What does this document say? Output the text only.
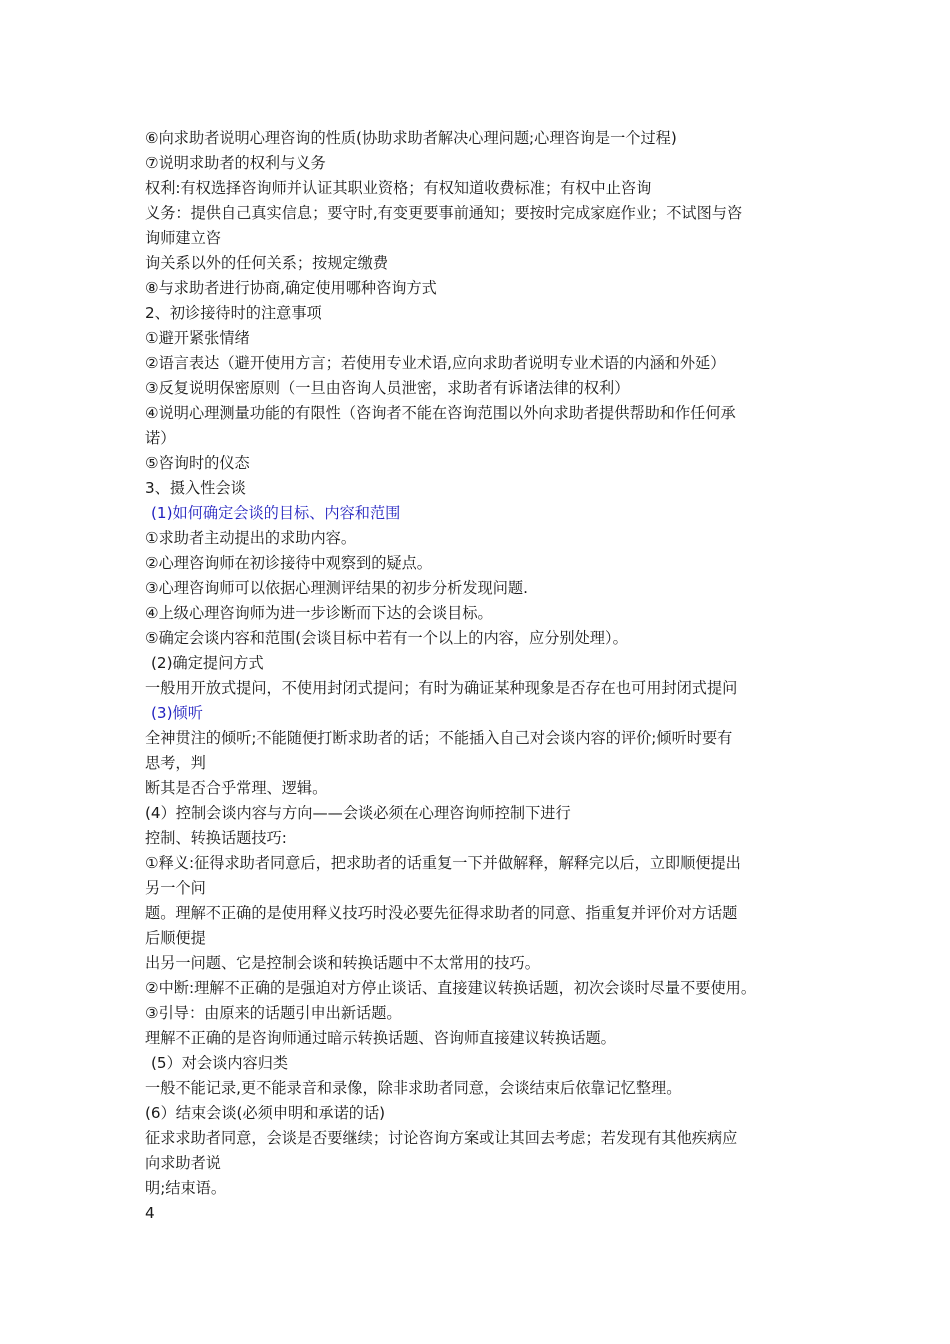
⑥向求助者说明心理咨询的性质(协助求助者解决心理问题;心理咨询是一个过程)
⑦说明求助者的权利与义务
权利:有权选择咨询师并认证其职业资格；有权知道收费标准；有权中止咨询
义务：提供自己真实信息；要守时,有变更要事前通知；要按时完成家庭作业；不试图与咨
询师建立咨
询关系以外的任何关系；按规定缴费
⑧与求助者进行协商,确定使用哪种咨询方式
2、初诊接待时的注意事项
①避开紧张情绪
②语言表达（避开使用方言；若使用专业术语,应向求助者说明专业术语的内涵和外延）
③反复说明保密原则（一旦由咨询人员泄密，求助者有诉诸法律的权利）
④说明心理测量功能的有限性（咨询者不能在咨询范围以外向求助者提供帮助和作任何承
诺）
⑤咨询时的仪态
3、摄入性会谈
(1)如何确定会谈的目标、内容和范围
①求助者主动提出的求助内容。
②心理咨询师在初诊接待中观察到的疑点。
③心理咨询师可以依据心理测评结果的初步分析发现问题.
④上级心理咨询师为进一步诊断而下达的会谈目标。
⑤确定会谈内容和范围(会谈目标中若有一个以上的内容，应分别处理）。
(2)确定提问方式
一般用开放式提问，不使用封闭式提问；有时为确证某种现象是否存在也可用封闭式提问
(3)倾听
全神贯注的倾听;不能随便打断求助者的话；不能插入自己对会谈内容的评价;倾听时要有
思考，判
断其是否合乎常理、逻辑。
(4）控制会谈内容与方向——会谈必须在心理咨询师控制下进行
控制、转换话题技巧:
①释义:征得求助者同意后，把求助者的话重复一下并做解释，解释完以后，立即顺便提出
另一个问
题。理解不正确的是使用释义技巧时没必要先征得求助者的同意、指重复并评价对方话题
后顺便提
出另一问题、它是控制会谈和转换话题中不太常用的技巧。
②中断:理解不正确的是强迫对方停止谈话、直接建议转换话题，初次会谈时尽量不要使用。
③引导：由原来的话题引申出新话题。
理解不正确的是咨询师通过暗示转换话题、咨询师直接建议转换话题。
(5）对会谈内容归类
一般不能记录,更不能录音和录像，除非求助者同意，会谈结束后依靠记忆整理。
(6）结束会谈(必须申明和承诺的话)
征求求助者同意，会谈是否要继续；讨论咨询方案或让其回去考虑；若发现有其他疾病应
向求助者说
明;结束语。
4
